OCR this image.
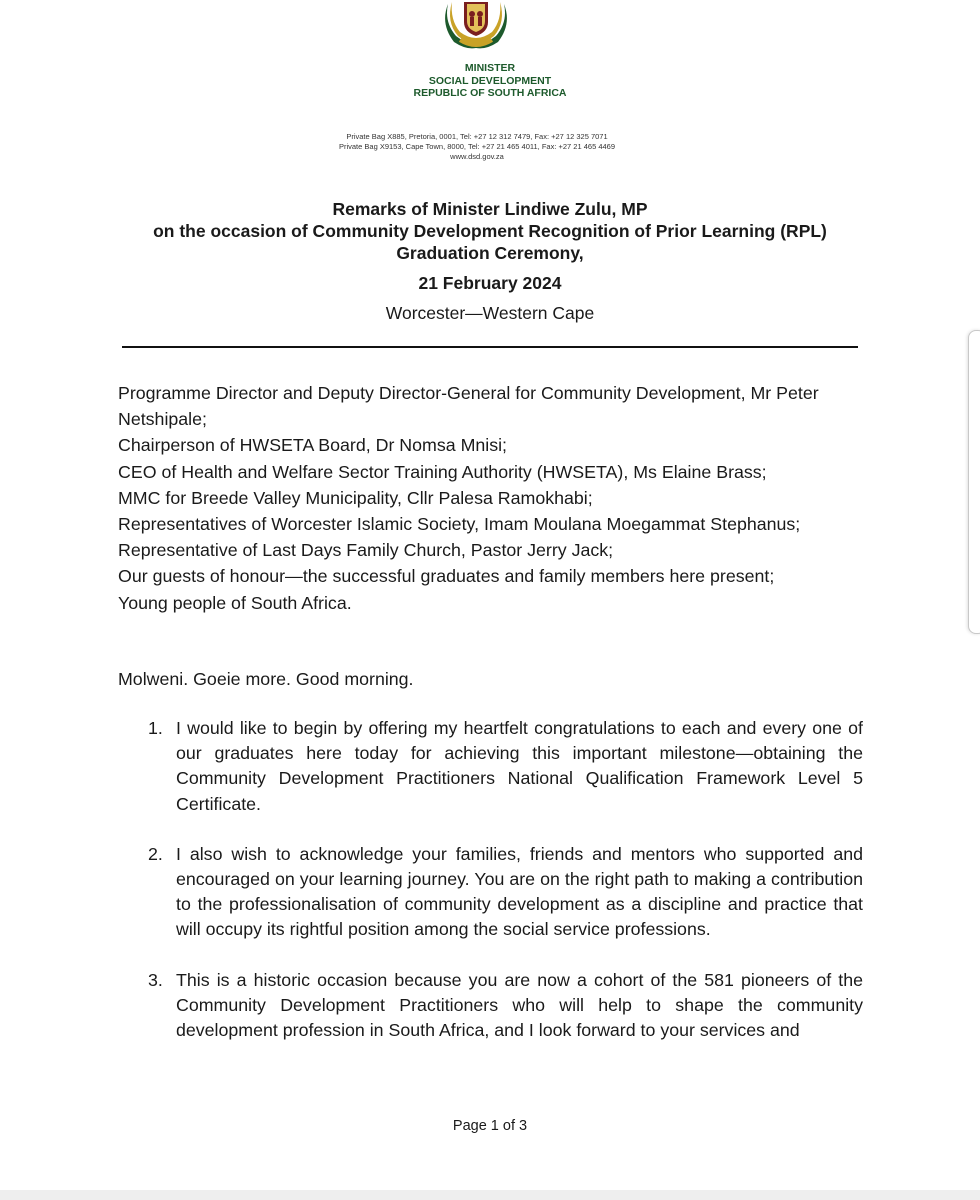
MINISTER
SOCIAL DEVELOPMENT
REPUBLIC OF SOUTH AFRICA
Private Bag X885, Pretoria, 0001, Tel: +27 12 312 7479, Fax: +27 12 325 7071
Private Bag X9153, Cape Town, 8000, Tel: +27 21 465 4011, Fax: +27 21 465 4469
www.dsd.gov.za
Remarks of Minister Lindiwe Zulu, MP
on the occasion of Community Development Recognition of Prior Learning (RPL)
Graduation Ceremony,
21 February 2024
Worcester—Western Cape
Programme Director and Deputy Director-General for Community Development, Mr Peter Netshipale;
Chairperson of HWSETA Board, Dr Nomsa Mnisi;
CEO of Health and Welfare Sector Training Authority (HWSETA), Ms Elaine Brass;
MMC for Breede Valley Municipality, Cllr Palesa Ramokhabi;
Representatives of Worcester Islamic Society, Imam Moulana Moegammat Stephanus;
Representative of Last Days Family Church, Pastor Jerry Jack;
Our guests of honour—the successful graduates and family members here present;
Young people of South Africa.
Molweni. Goeie more. Good morning.
1. I would like to begin by offering my heartfelt congratulations to each and every one of our graduates here today for achieving this important milestone—obtaining the Community Development Practitioners National Qualification Framework Level 5 Certificate.
2. I also wish to acknowledge your families, friends and mentors who supported and encouraged on your learning journey. You are on the right path to making a contribution to the professionalisation of community development as a discipline and practice that will occupy its rightful position among the social service professions.
3. This is a historic occasion because you are now a cohort of the 581 pioneers of the Community Development Practitioners who will help to shape the community development profession in South Africa, and I look forward to your services and
Page 1 of 3
